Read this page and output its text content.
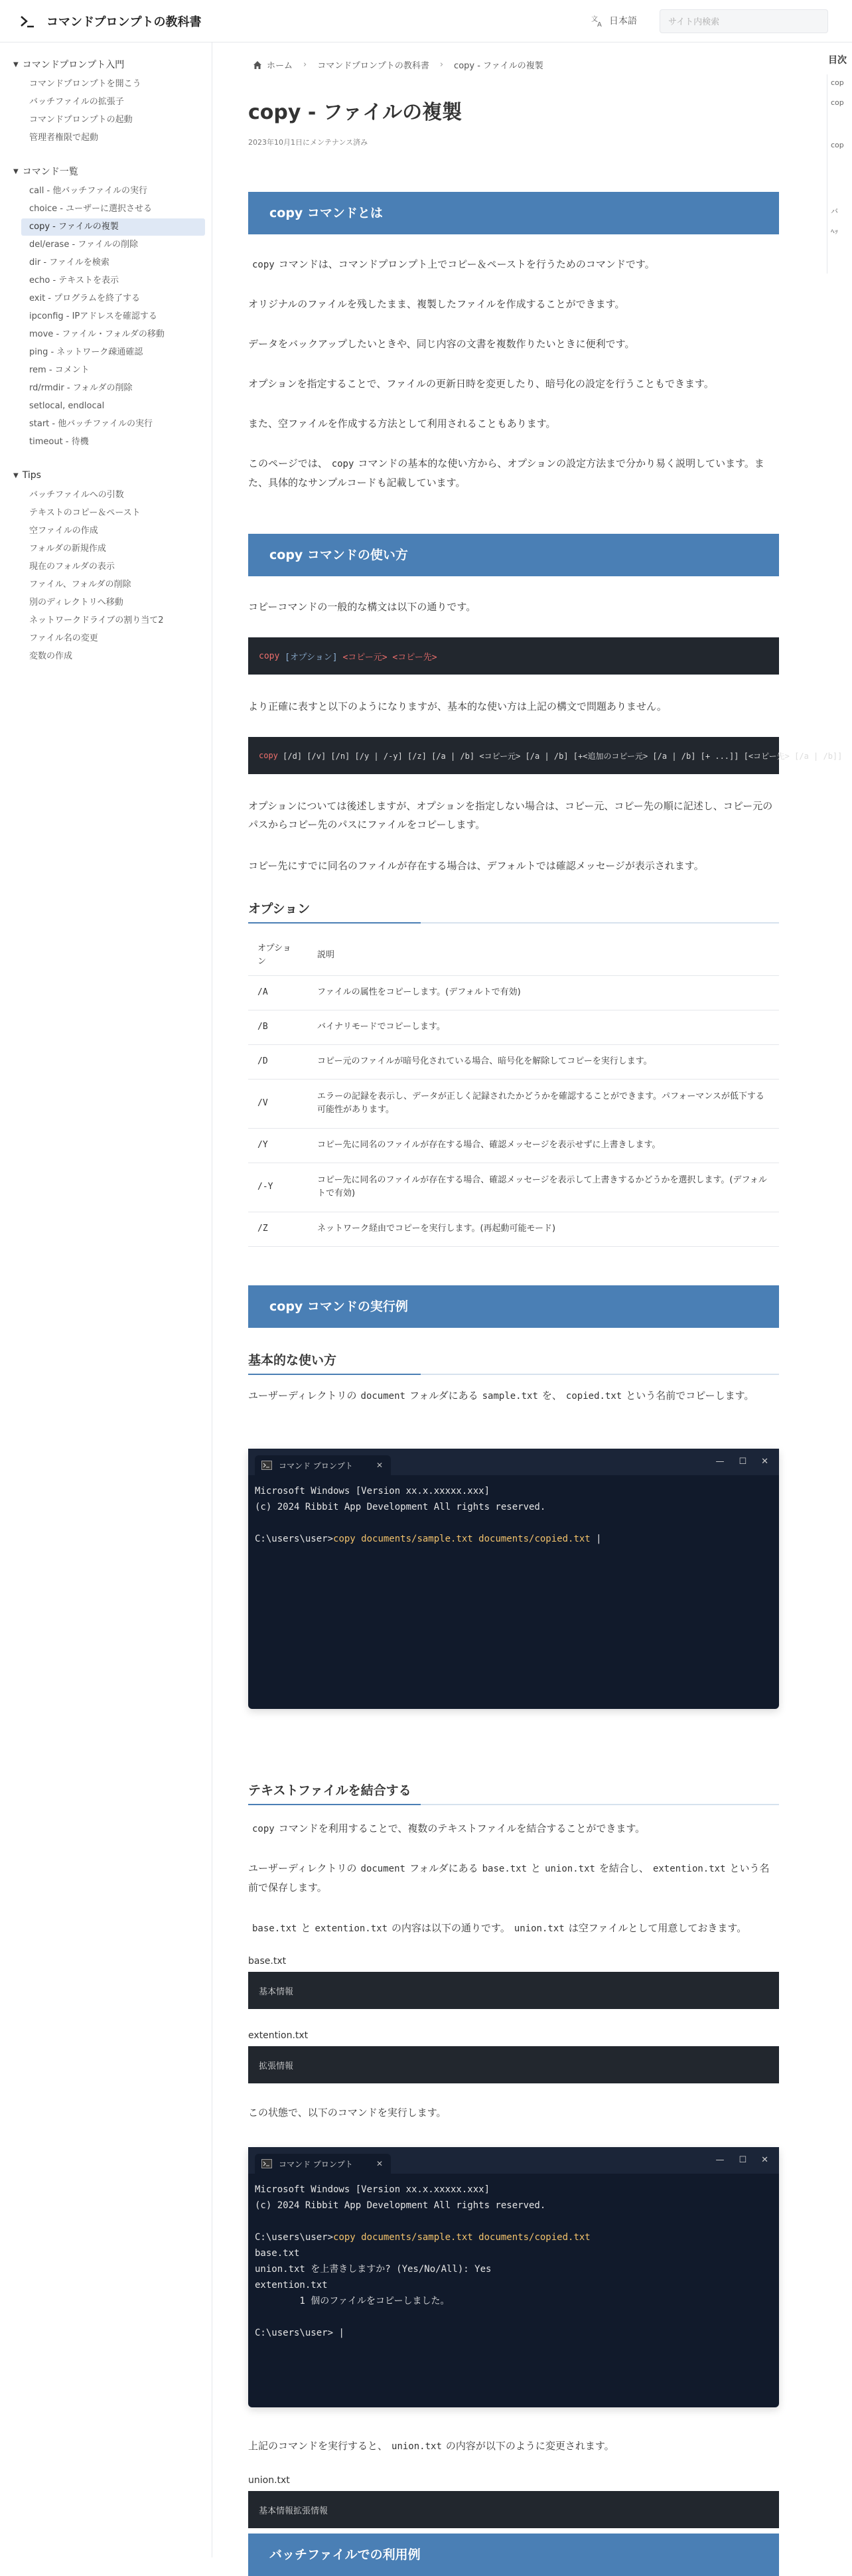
コマンドプロンプトの教科書	文
A 日本語
サイト内検索
▼ コマンドプロンプト入門
コマンドプロンプトを開こう
バッチファイルの拡張子
コマンドプロンプトの起動
管理者権限で起動
▼ コマンド一覧
call - 他バッチファイルの実行
choice - ユーザーに選択させる
copy - ファイルの複製
del/erase - ファイルの削除
dir - ファイルを検索
echo - テキストを表示
exit - プログラムを終了する
ipconfig - IPアドレスを確認する
move - ファイル・フォルダの移動
ping - ネットワーク疎通確認
rem - コメント
rd/rmdir - フォルダの削除
setlocal, endlocal
start - 他バッチファイルの実行
timeout - 待機
▼ Tips
バッチファイルへの引数
テキストのコピー＆ペースト
空ファイルの作成
フォルダの新規作成
現在のフォルダの表示
ファイル、フォルダの削除
別のディレクトリへ移動
ネットワークドライブの割り当て2
ファイル名の変更
変数の作成
目次
cop
cop
cop
バ
ﾍｯ
ホーム › コマンドプロンプトの教科書 › copy - ファイルの複製
copy - ファイルの複製
2023年10月1日にメンテナンス済み
copy コマンドとは

copy コマンドは、コマンドプロンプト上でコピー＆ペーストを行うためのコマンドです。

オリジナルのファイルを残したまま、複製したファイルを作成することができます。

データをバックアップしたいときや、同じ内容の文書を複数作りたいときに便利です。

オプションを指定することで、ファイルの更新日時を変更したり、暗号化の設定を行うこともできます。

また、空ファイルを作成する方法として利用されることもあります。

このページでは、 copy コマンドの基本的な使い方から、オプションの設定方法まで分かり易く説明しています。また、具体的なサンプルコードも記載しています。

copy コマンドの使い方

コピーコマンドの一般的な構文は以下の通りです。

copy
[オプション]
<コピー元>
<コピー先>

より正確に表すと以下のようになりますが、基本的な使い方は上記の構文で問題ありません。

copy
[/d] [/v] [/n] [/y | /-y] [/z] [/a | /b] <コピー元> [/a | /b] [+<追加のコピー元> [/a | /b] [+ ...]] [<コピー先> [/a | /b]]

オプションについては後述しますが、オプションを指定しない場合は、コピー元、コピー先の順に記述し、コピー元のパスからコピー先のパスにファイルをコピーします。

コピー先にすでに同名のファイルが存在する場合は、デフォルトでは確認メッセージが表示されます。

オプション
オプション	説明
/A	ファイルの属性をコピーします。(デフォルトで有効)
/B	バイナリモードでコピーします。
/D	コピー元のファイルが暗号化されている場合、暗号化を解除してコピーを実行します。
/V	エラーの記録を表示し、データが正しく記録されたかどうかを確認することができます。パフォーマンスが低下する可能性があります。
/Y	コピー先に同名のファイルが存在する場合、確認メッセージを表示せずに上書きします。
/-Y	コピー先に同名のファイルが存在する場合、確認メッセージを表示して上書きするかどうかを選択します。(デフォルトで有効)
/Z	ネットワーク経由でコピーを実行します。(再起動可能モード)
copy コマンドの実行例
基本的な使い方

ユーザーディレクトリの document フォルダにある sample.txt を、 copied.txt という名前でコピーします。

コマンド プロンプト	✕	— ☐ ✕
Microsoft Windows [Version xx.x.xxxxx.xxx]
(c) 2024 Ribbit App Development All rights reserved.

C:\users\user>copy documents/sample.txt documents/copied.txt |
テキストファイルを結合する

copy コマンドを利用することで、複数のテキストファイルを結合することができます。

ユーザーディレクトリの document フォルダにある base.txt と union.txt を結合し、 extention.txt という名前で保存します。

base.txt と extention.txt の内容は以下の通りです。 union.txt は空ファイルとして用意しておきます。

base.txt
基本情報
extention.txt
拡張情報

この状態で、以下のコマンドを実行します。

コマンド プロンプト	✕	— ☐ ✕
Microsoft Windows [Version xx.x.xxxxx.xxx]
(c) 2024 Ribbit App Development All rights reserved.

C:\users\user>copy documents/sample.txt documents/copied.txt
base.txt
union.txt を上書きしますか? (Yes/No/All): Yes
extention.txt
1 個のファイルをコピーしました。

C:\users\user> |

上記のコマンドを実行すると、 union.txt の内容が以下のように変更されます。

union.txt
基本情報拡張情報
バッチファイルでの利用例
